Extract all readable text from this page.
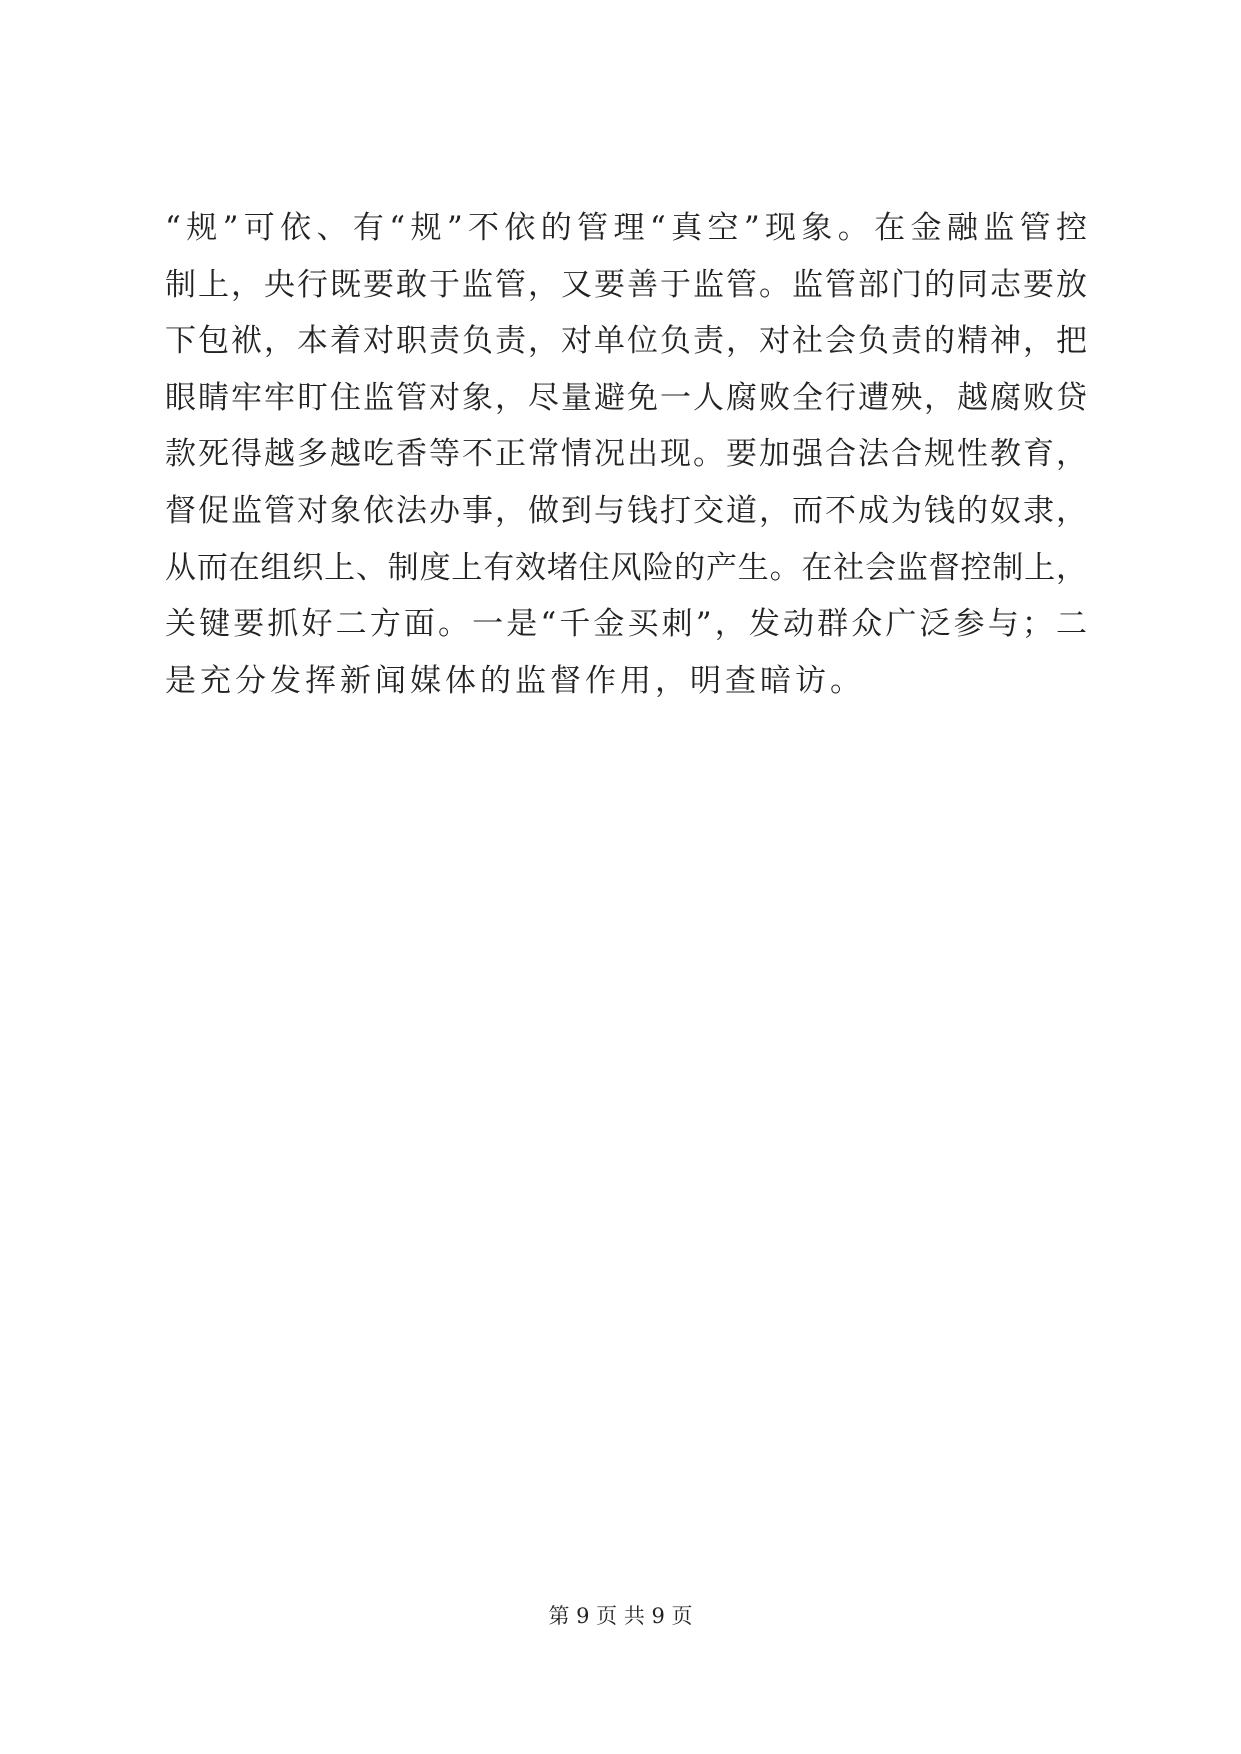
“规”可依、有“规”不依的管理“真空”现象。在金融监管控
制上，央行既要敢于监管，又要善于监管。监管部门的同志要放
下包袱，本着对职责负责，对单位负责，对社会负责的精神，把
眼睛牢牢盯住监管对象，尽量避免一人腐败全行遭殃，越腐败贷
款死得越多越吃香等不正常情况出现。要加强合法合规性教育，
督促监管对象依法办事，做到与钱打交道，而不成为钱的奴隶，
从而在组织上、制度上有效堵住风险的产生。在社会监督控制上，
关键要抓好二方面。一是“千金买刺”，发动群众广泛参与；二
是充分发挥新闻媒体的监督作用，明查暗访。
第 9 页 共 9 页
